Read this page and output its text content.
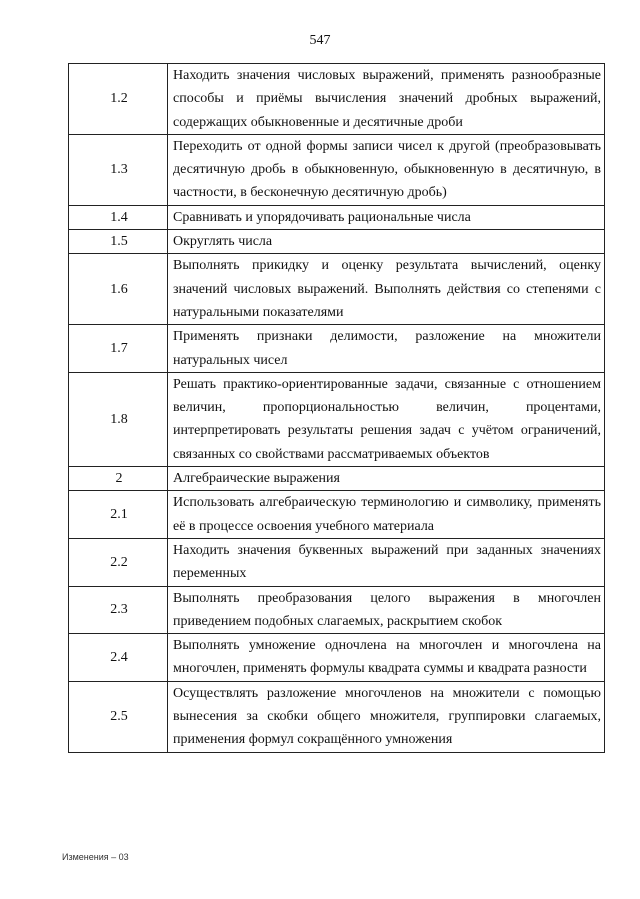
547
1.2	Находить значения числовых выражений, применять разнообразные способы и приёмы вычисления значений дробных выражений, содержащих обыкновенные и десятичные дроби
1.3	Переходить от одной формы записи чисел к другой (преобразовывать десятичную дробь в обыкновенную, обыкновенную в десятичную, в частности, в бесконечную десятичную дробь)
1.4	Сравнивать и упорядочивать рациональные числа
1.5	Округлять числа
1.6	Выполнять прикидку и оценку результата вычислений, оценку значений числовых выражений. Выполнять действия со степенями с натуральными показателями
1.7	Применять признаки делимости, разложение на множители натуральных чисел
1.8	Решать практико-ориентированные задачи, связанные с отношением величин, пропорциональностью величин, процентами, интерпретировать результаты решения задач с учётом ограничений, связанных со свойствами рассматриваемых объектов
2	Алгебраические выражения
2.1	Использовать алгебраическую терминологию и символику, применять её в процессе освоения учебного материала
2.2	Находить значения буквенных выражений при заданных значениях переменных
2.3	Выполнять преобразования целого выражения в многочлен приведением подобных слагаемых, раскрытием скобок
2.4	Выполнять умножение одночлена на многочлен и многочлена на многочлен, применять формулы квадрата суммы и квадрата разности
2.5	Осуществлять разложение многочленов на множители с помощью вынесения за скобки общего множителя, группировки слагаемых, применения формул сокращённого умножения
Изменения – 03
